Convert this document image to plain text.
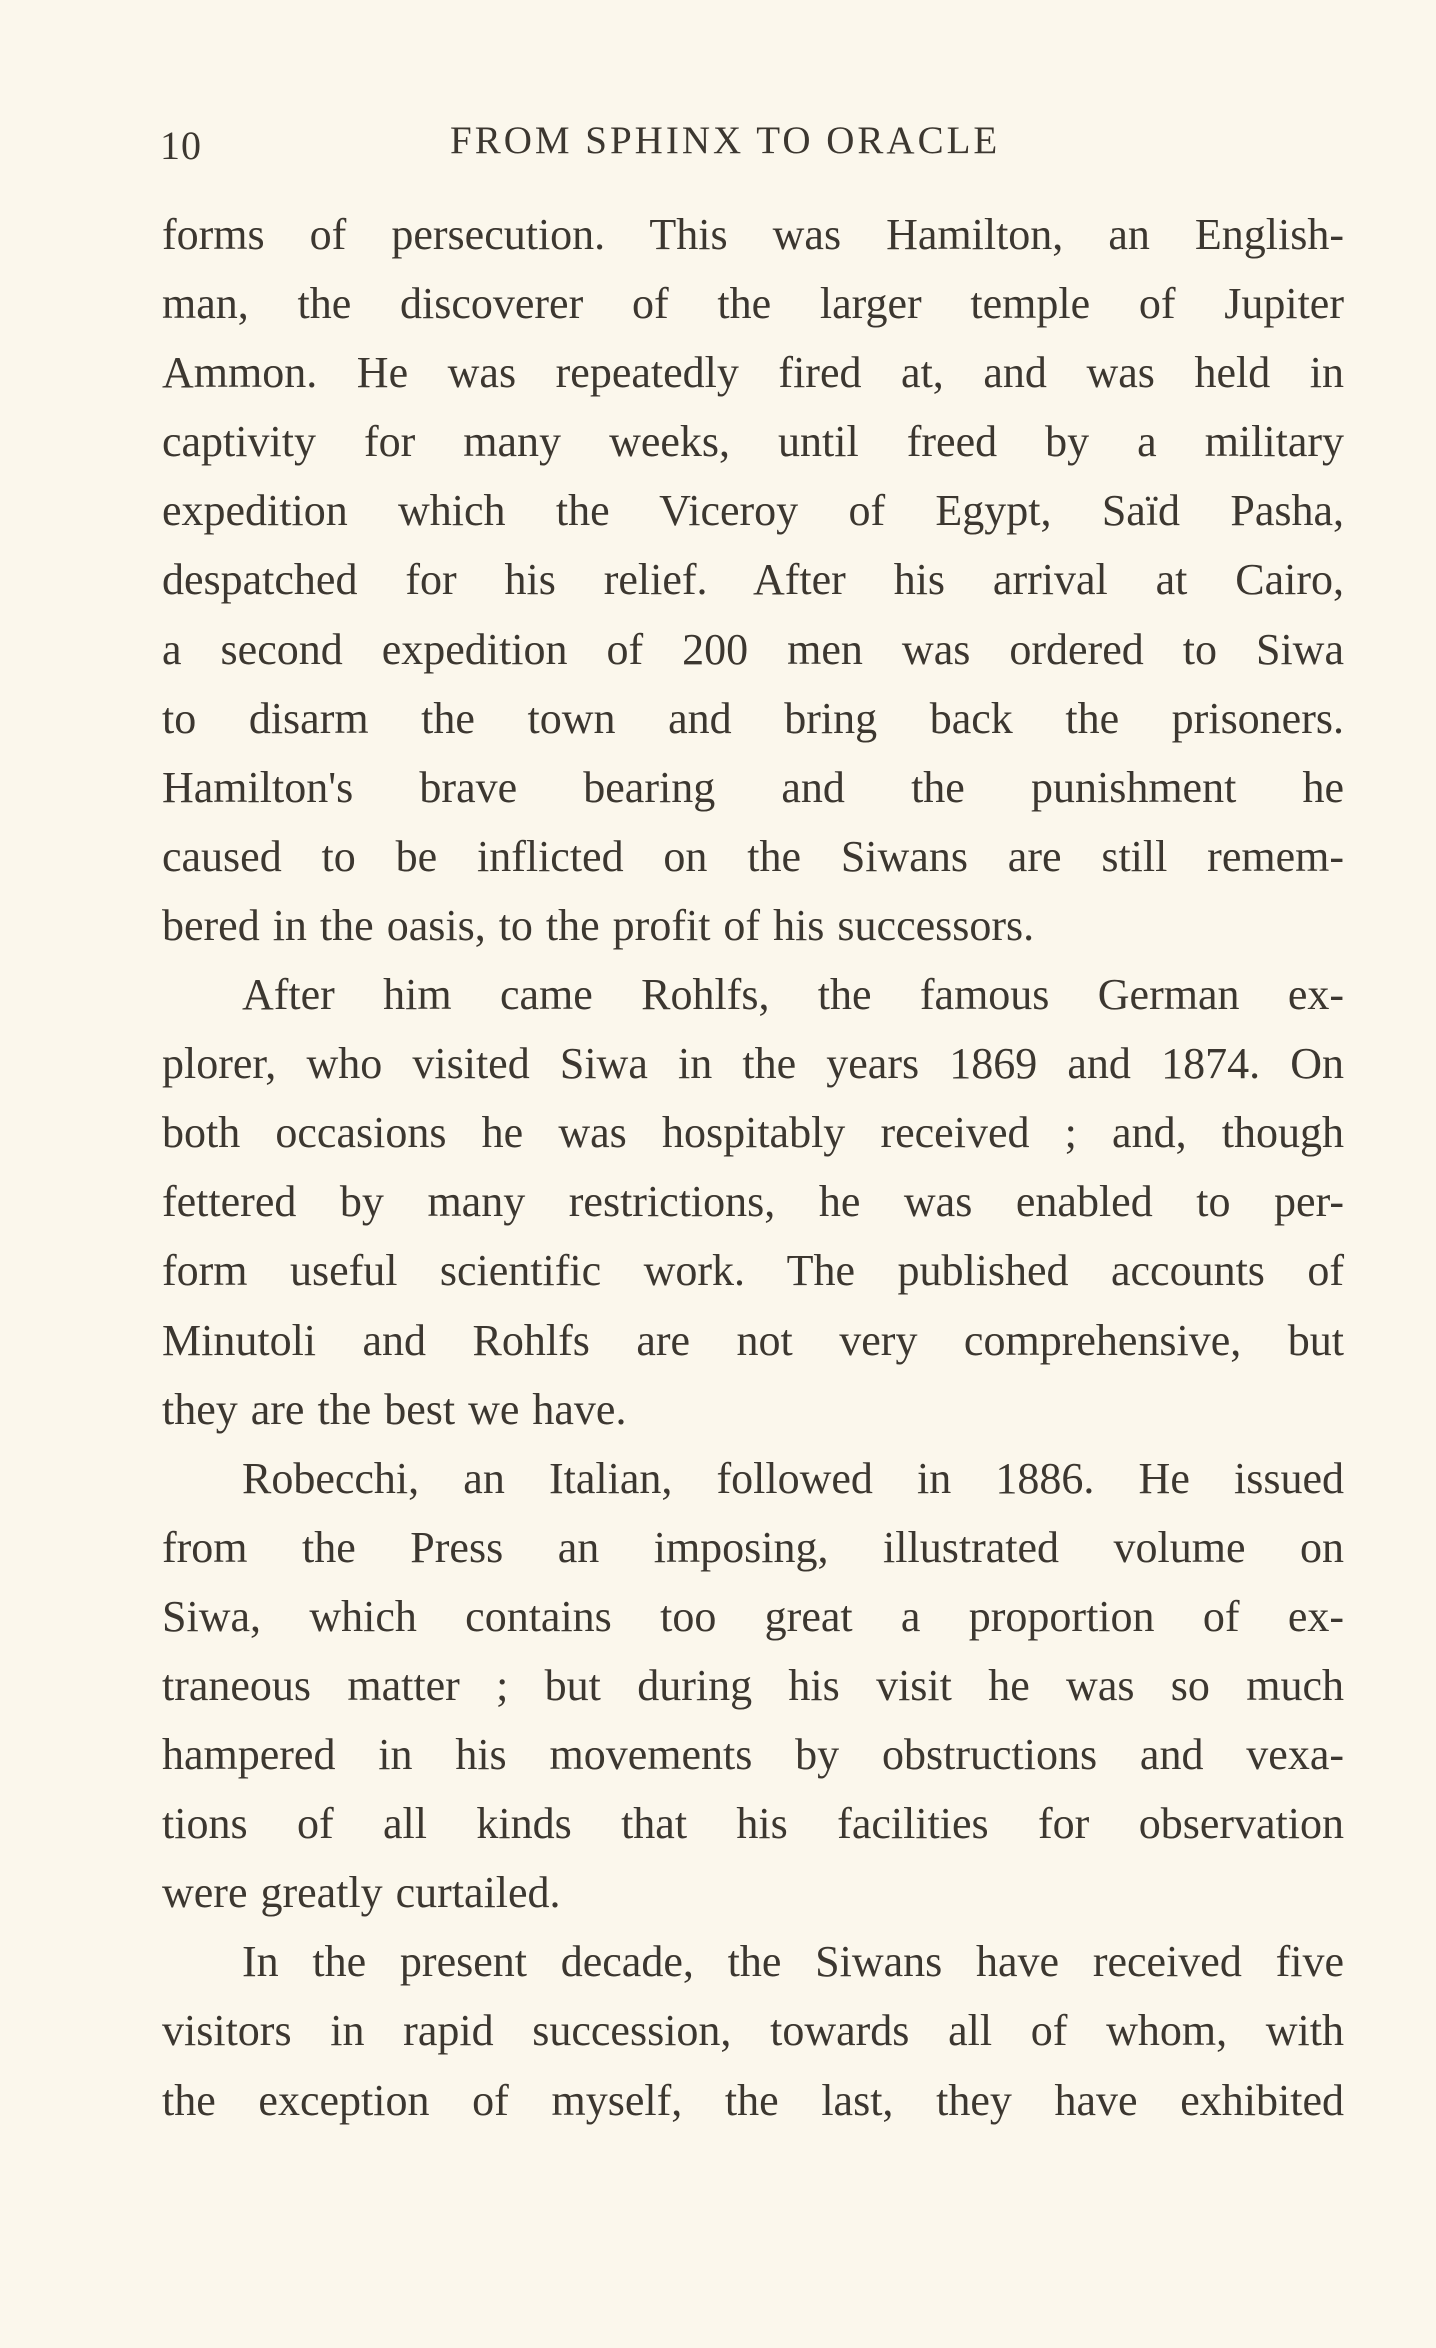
10	FROM SPHINX TO ORACLE
forms of persecution. This was Hamilton, an English-
man, the discoverer of the larger temple of Jupiter
Ammon. He was repeatedly fired at, and was held in
captivity for many weeks, until freed by a military
expedition which the Viceroy of Egypt, Saïd Pasha,
despatched for his relief. After his arrival at Cairo,
a second expedition of 200 men was ordered to Siwa
to disarm the town and bring back the prisoners.
Hamilton's brave bearing and the punishment he
caused to be inflicted on the Siwans are still remem-
bered in the oasis, to the profit of his successors.
After him came Rohlfs, the famous German ex-
plorer, who visited Siwa in the years 1869 and 1874. On
both occasions he was hospitably received ; and, though
fettered by many restrictions, he was enabled to per-
form useful scientific work. The published accounts of
Minutoli and Rohlfs are not very comprehensive, but
they are the best we have.
Robecchi, an Italian, followed in 1886. He issued
from the Press an imposing, illustrated volume on
Siwa, which contains too great a proportion of ex-
traneous matter ; but during his visit he was so much
hampered in his movements by obstructions and vexa-
tions of all kinds that his facilities for observation
were greatly curtailed.
In the present decade, the Siwans have received five
visitors in rapid succession, towards all of whom, with
the exception of myself, the last, they have exhibited
